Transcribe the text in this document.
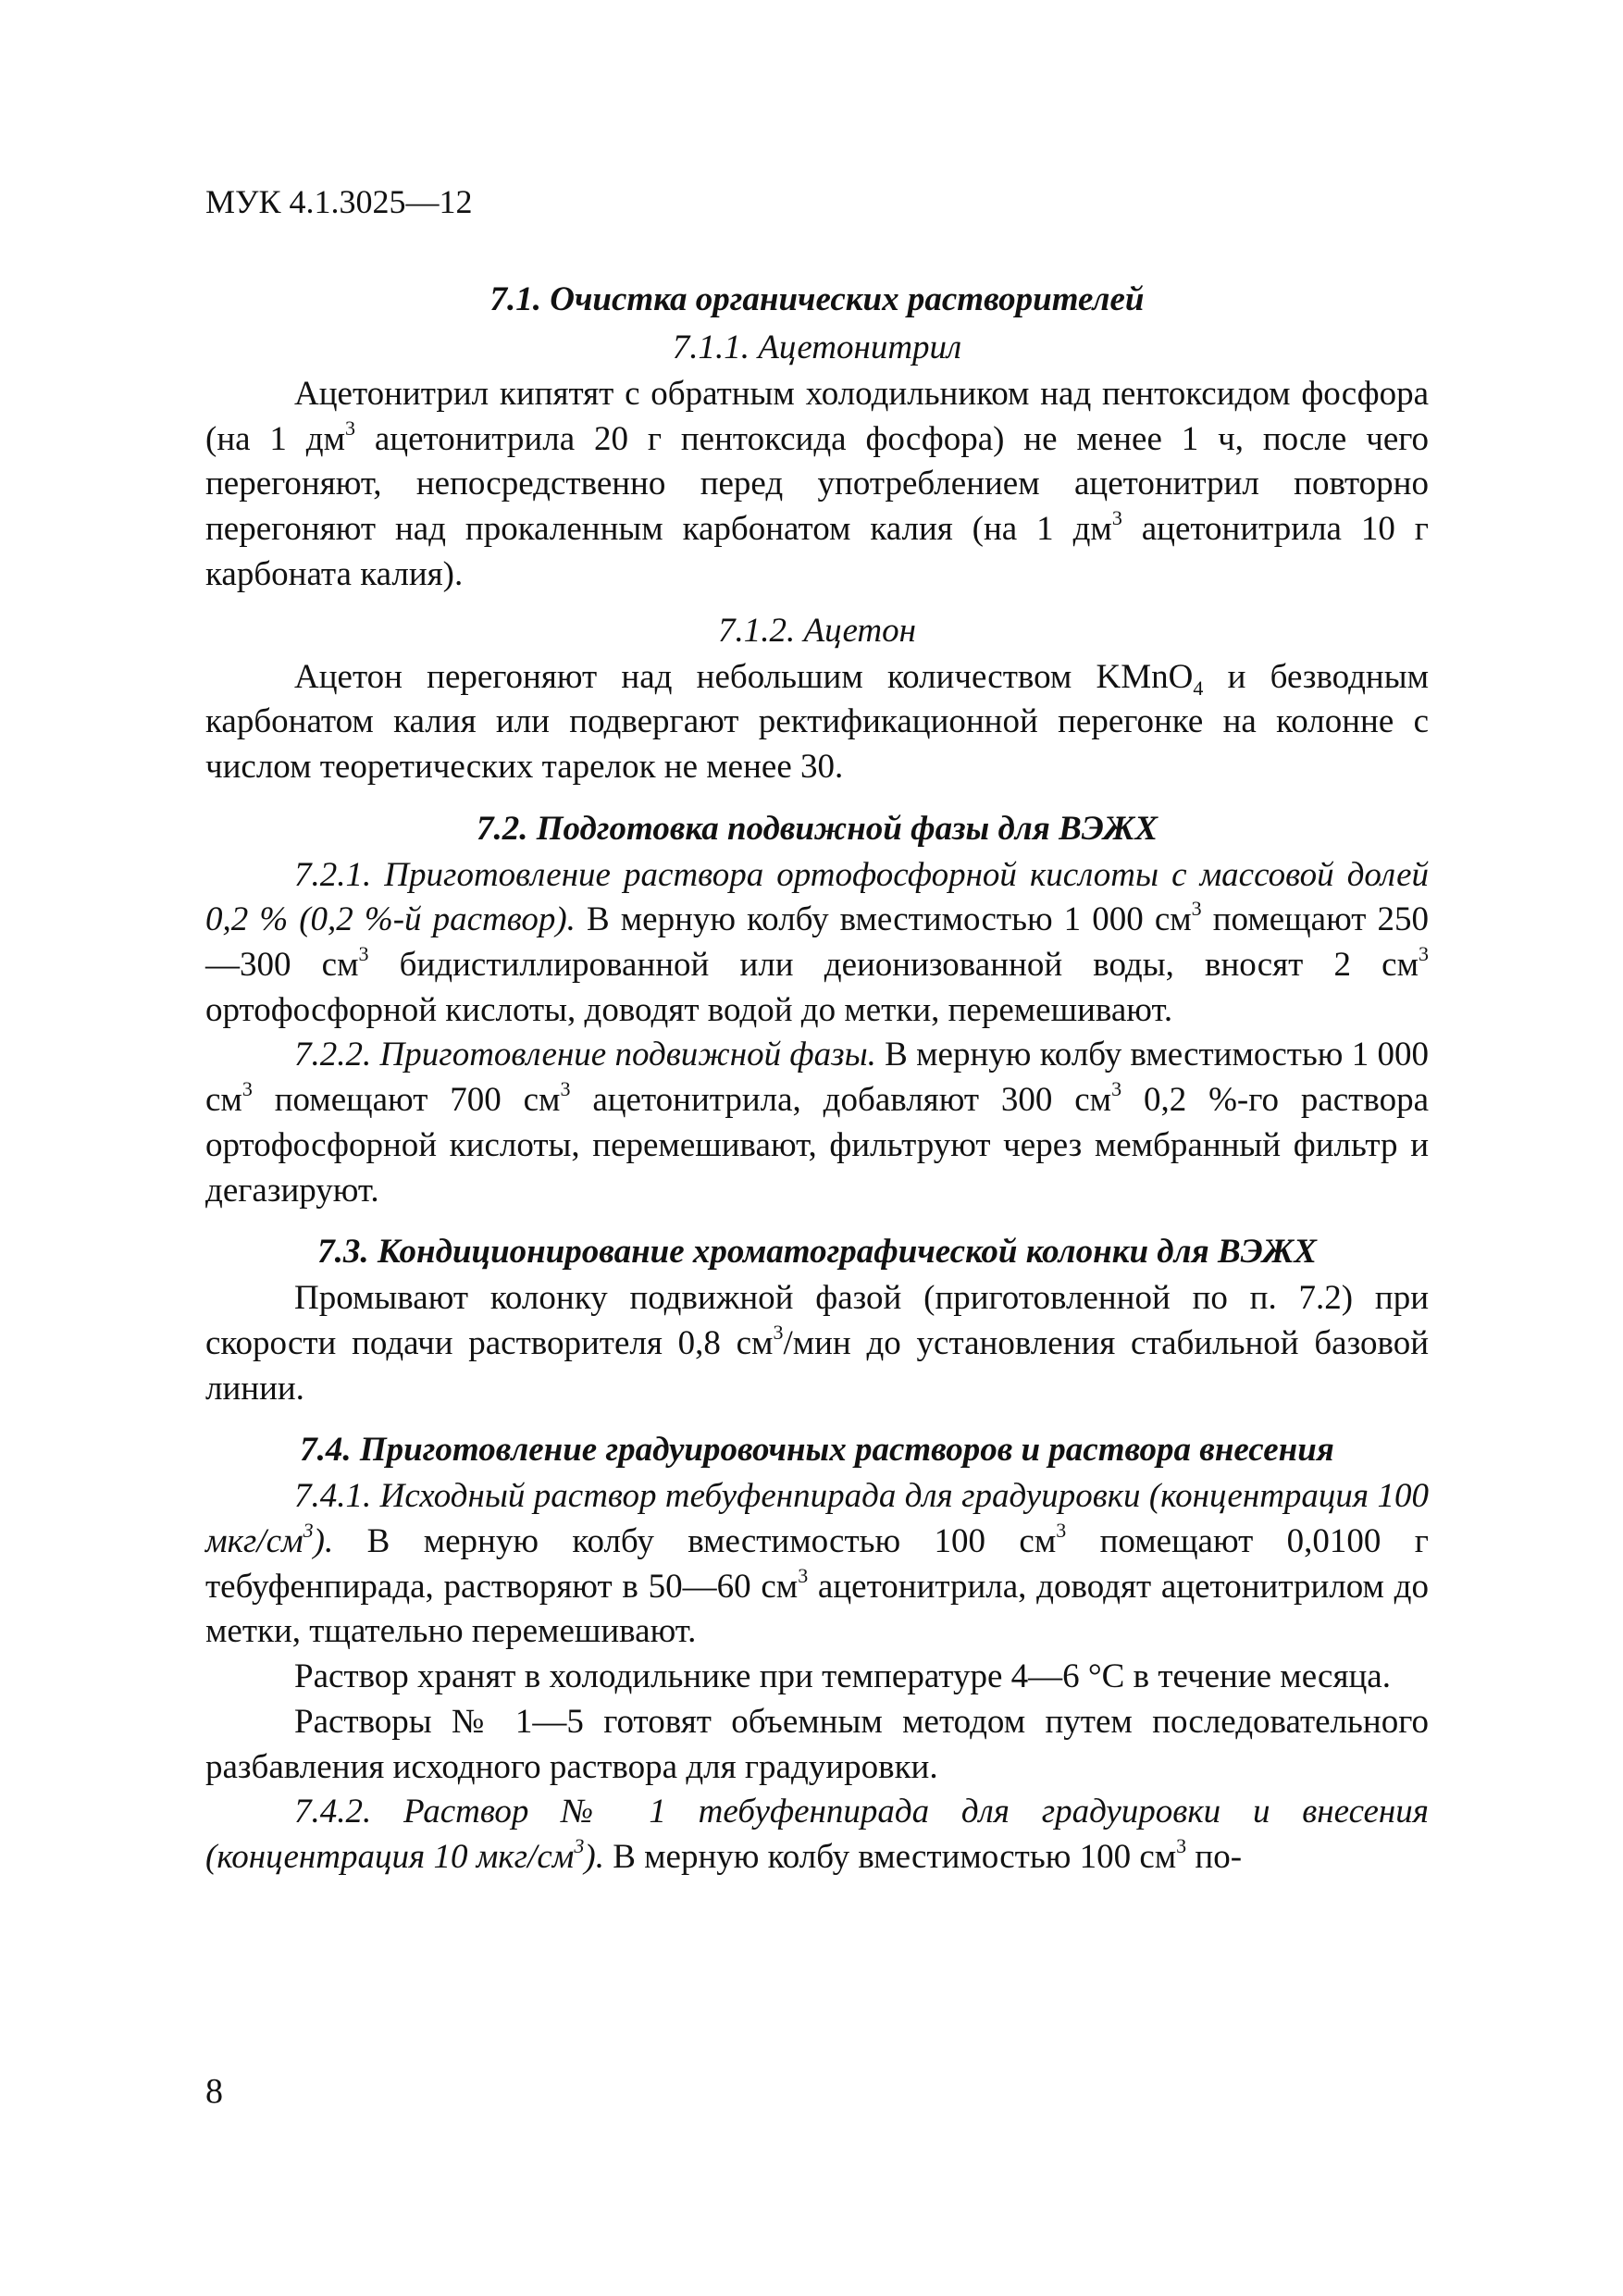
МУК 4.1.3025—12
7.1. Очистка органических растворителей
7.1.1. Ацетонитрил

Ацетонитрил кипятят с обратным холодильником над пентоксидом фосфора (на 1 $дм^3$ ацетонитрила 20 г пентоксида фосфора) не менее 1 ч, после чего перегоняют, непосредственно перед употреблением ацетонитрил повторно перегоняют над прокаленным карбонатом калия (на 1 $дм^3$ ацетонитрила 10 г карбоната калия).

7.1.2. Ацетон

Ацетон перегоняют над небольшим количеством KMnO$_4$ и безводным карбонатом калия или подвергают ректификационной перегонке на колонне с числом теоретических тарелок не менее 30.

7.2. Подготовка подвижной фазы для ВЭЖХ

7.2.1. Приготовление раствора ортофосфорной кислоты с массовой долей 0,2 % (0,2 %-й раствор). В мерную колбу вместимостью 1 000 $см^3$ помещают 250—300 $см^3$ бидистиллированной или деионизованной воды, вносят 2 $см^3$ ортофосфорной кислоты, доводят водой до метки, перемешивают.

7.2.2. Приготовление подвижной фазы. В мерную колбу вместимостью 1 000 $см^3$ помещают 700 $см^3$ ацетонитрила, добавляют 300 $см^3$ 0,2 %-го раствора ортофосфорной кислоты, перемешивают, фильтруют через мембранный фильтр и дегазируют.

7.3. Кондиционирование хроматографической колонки для ВЭЖХ

Промывают колонку подвижной фазой (приготовленной по п. 7.2) при скорости подачи растворителя 0,8 $см^3$/мин до установления стабильной базовой линии.

7.4. Приготовление градуировочных растворов и раствора внесения

7.4.1. Исходный раствор тебуфенпирада для градуировки (концентрация 100 мкг/$см^3$). В мерную колбу вместимостью 100 $см^3$ помещают 0,0100 г тебуфенпирада, растворяют в 50—60 $см^3$ ацетонитрила, доводят ацетонитрилом до метки, тщательно перемешивают.

Раствор хранят в холодильнике при температуре 4—6 °С в течение месяца.

Растворы № 1—5 готовят объемным методом путем последовательного разбавления исходного раствора для градуировки.

7.4.2. Раствор № 1 тебуфенпирада для градуировки и внесения (концентрация 10 мкг/$см^3$). В мерную колбу вместимостью 100 $см^3$ по-

8
